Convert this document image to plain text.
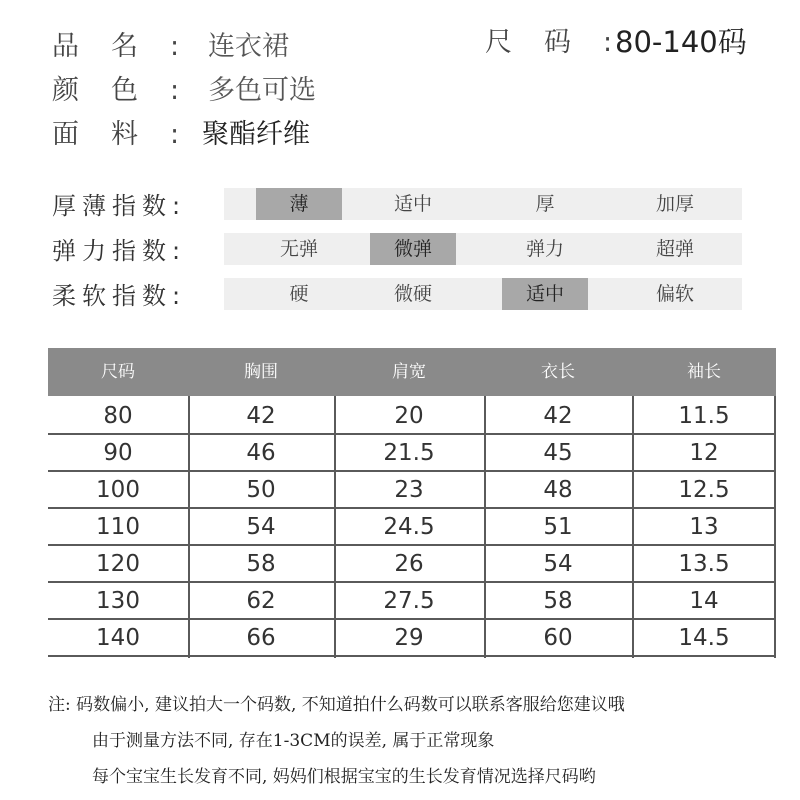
品名:
连衣裙
颜色:
多色可选
面料:
聚酯纤维
尺码:
80-140码
厚薄指数:	薄	适中	厚	加厚
弹力指数:	无弹	微弹	弹力	超弹
柔软指数:	硬	微硬	适中	偏软
尺码	胸围	肩宽	衣长	袖长
80	42	20	42	11.5
90	46	21.5	45	12
100	50	23	48	12.5
110	54	24.5	51	13
120	58	26	54	13.5
130	62	27.5	58	14
140	66	29	60	14.5
注: 码数偏小, 建议拍大一个码数, 不知道拍什么码数可以联系客服给您建议哦
由于测量方法不同, 存在1-3CM的误差, 属于正常现象
每个宝宝生长发育不同, 妈妈们根据宝宝的生长发育情况选择尺码哟
